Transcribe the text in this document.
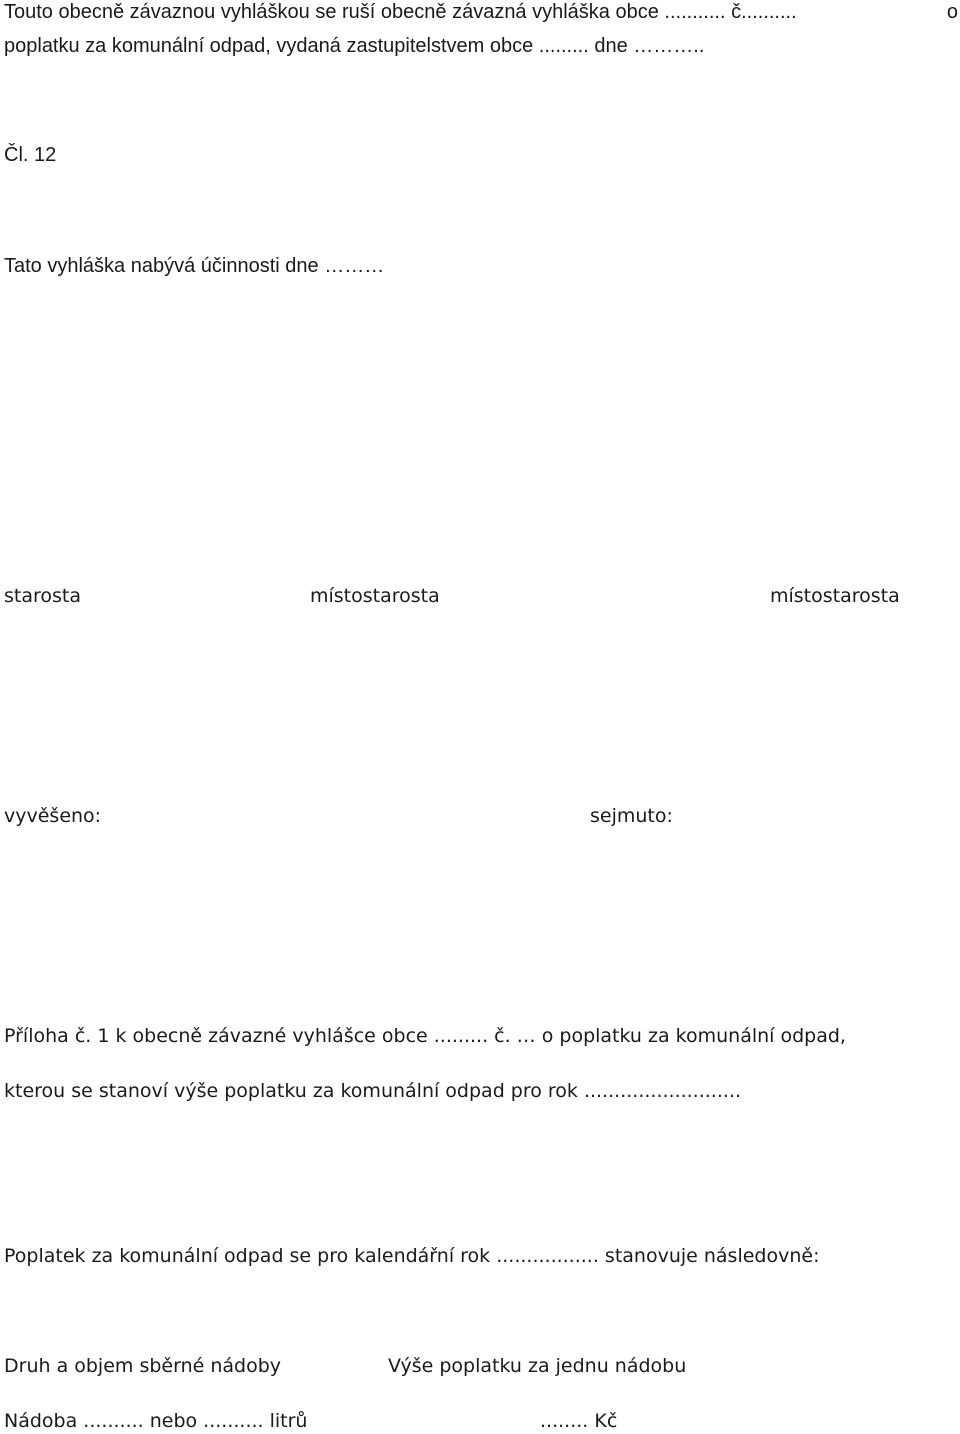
Touto obecně závaznou vyhláškou se ruší obecně závazná vyhláška obce ........... č..........	o
poplatku za komunální odpad, vydaná zastupitelstvem obce ......... dne ………..
Čl. 12
Tato vyhláška nabývá účinnosti dne ………
starosta	místostarosta	místostarosta
vyvěšeno:	sejmuto:
Příloha č. 1 k obecně závazné vyhlášce obce ......... č. … o poplatku za komunální odpad,
kterou se stanoví výše poplatku za komunální odpad pro rok ..........................
Poplatek za komunální odpad se pro kalendářní rok ................. stanovuje následovně:
Druh a objem sběrné nádoby	Výše poplatku za jednu nádobu
Nádoba .......... nebo .......... litrů	........ Kč
